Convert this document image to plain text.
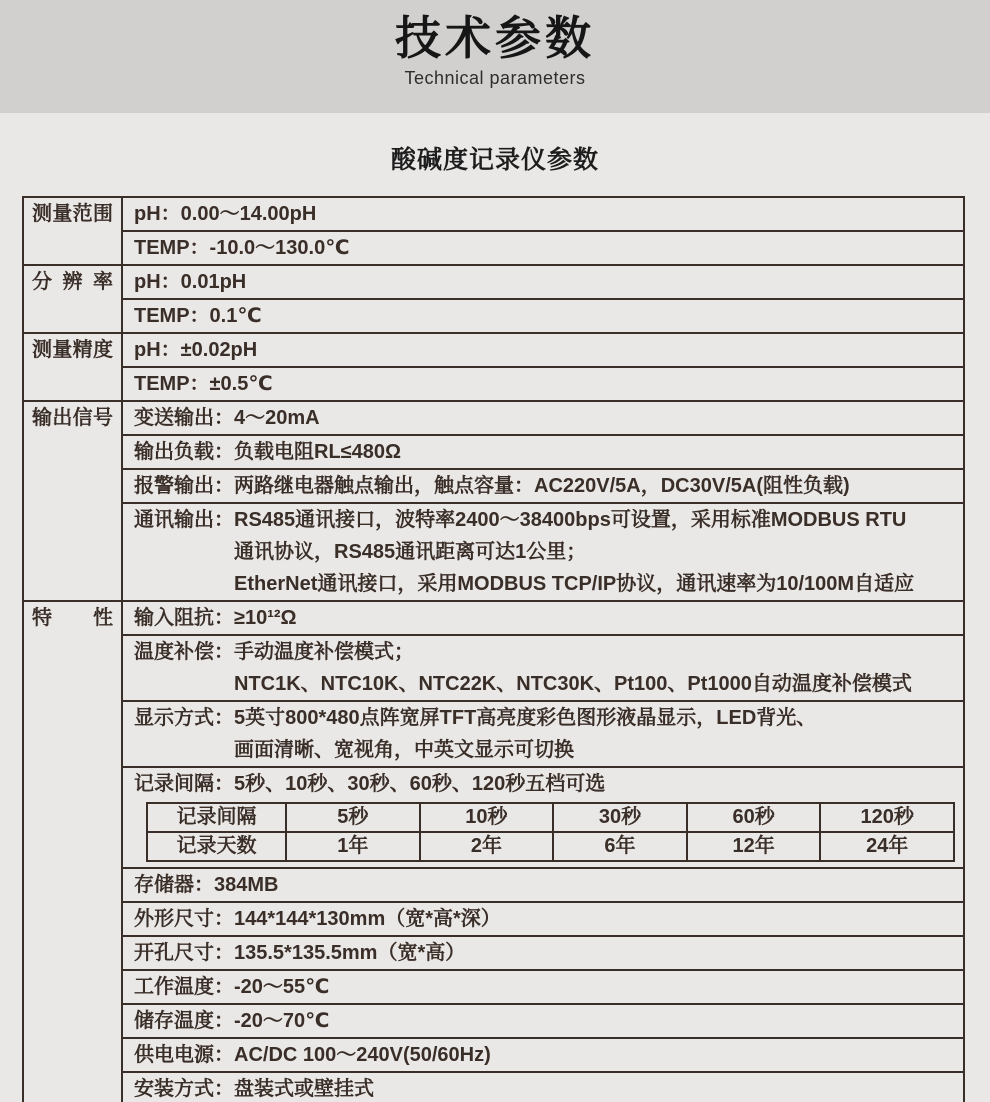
技术参数
Technical parameters
酸碱度记录仪参数
测量范围	pH：0.00～14.00pH
TEMP：-10.0～130.0℃
分辨率	pH：0.01pH
TEMP：0.1℃
测量精度	pH：±0.02pH
TEMP：±0.5℃
输出信号	变送输出：4～20mA
输出负载：负载电阻RL≤480Ω
报警输出：两路继电器触点输出，触点容量：AC220V/5A，DC30V/5A(阻性负载)
通讯输出：RS485通讯接口，波特率2400～38400bps可设置，采用标准MODBUS RTU
通讯协议，RS485通讯距离可达1公里；
EtherNet通讯接口，采用MODBUS TCP/IP协议，通讯速率为10/100M自适应
特性	输入阻抗：≥10¹²Ω
温度补偿：手动温度补偿模式；
NTC1K、NTC10K、NTC22K、NTC30K、Pt100、Pt1000自动温度补偿模式
显示方式：5英寸800*480点阵宽屏TFT高亮度彩色图形液晶显示，LED背光、
画面清晰、宽视角，中英文显示可切换
记录间隔：5秒、10秒、30秒、60秒、120秒五档可选
记录间隔	5秒	10秒	30秒	60秒	120秒
记录天数	1年	2年	6年	12年	24年
存储器：384MB
外形尺寸：144*144*130mm（宽*高*深）
开孔尺寸：135.5*135.5mm（宽*高）
工作温度：-20～55℃
储存温度：-20～70℃
供电电源：AC/DC 100～240V(50/60Hz)
安装方式：盘装式或壁挂式
